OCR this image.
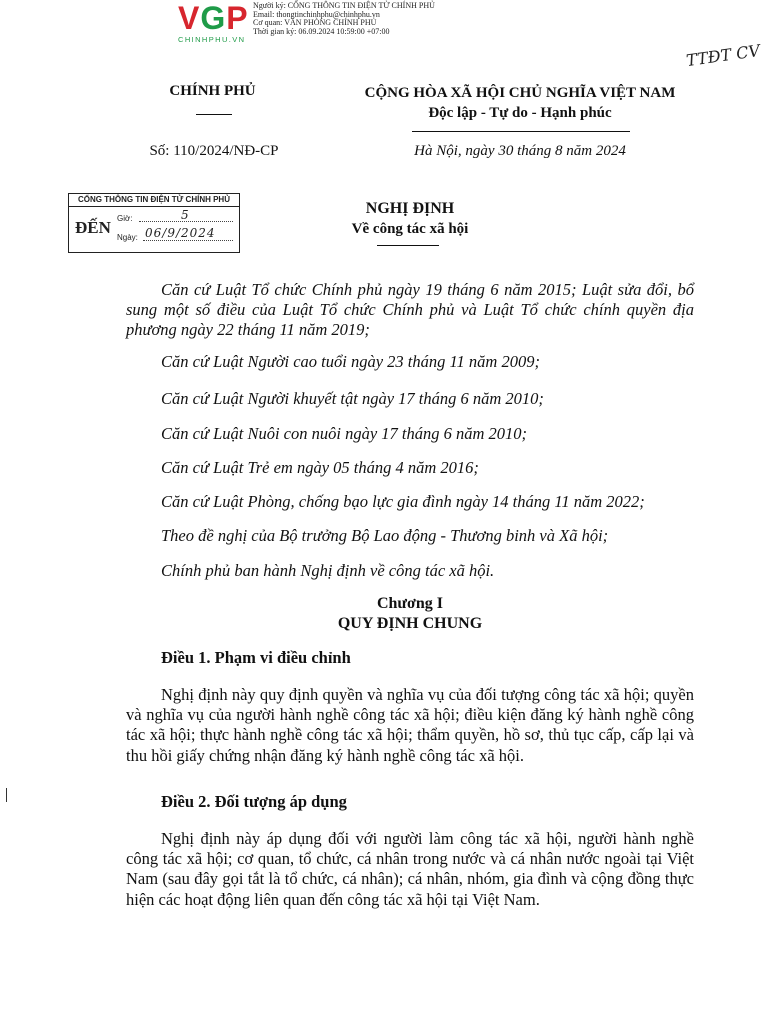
VGP
CHINHPHU.VN
Người ký: CỔNG THÔNG TIN ĐIỆN TỬ CHÍNH PHỦ
Email: thongtinchinhphu@chinhphu.vn
Cơ quan: VĂN PHÒNG CHÍNH PHỦ
Thời gian ký: 06.09.2024 10:59:00 +07:00
TTĐT CV
CHÍNH PHỦ	CỘNG HÒA XÃ HỘI CHỦ NGHĨA VIỆT NAM
Độc lập - Tự do - Hạnh phúc
Số: 110/2024/NĐ-CP	Hà Nội, ngày 30 tháng 8 năm 2024
CỔNG THÔNG TIN ĐIỆN TỬ CHÍNH PHỦ
ĐẾN Giờ:	5
Ngày: 06/9/2024
NGHỊ ĐỊNH
Về công tác xã hội
Căn cứ Luật Tổ chức Chính phủ ngày 19 tháng 6 năm 2015; Luật sửa đổi, bổ sung một số điều của Luật Tổ chức Chính phủ và Luật Tổ chức chính quyền địa phương ngày 22 tháng 11 năm 2019;
Căn cứ Luật Người cao tuổi ngày 23 tháng 11 năm 2009;
Căn cứ Luật Người khuyết tật ngày 17 tháng 6 năm 2010;
Căn cứ Luật Nuôi con nuôi ngày 17 tháng 6 năm 2010;
Căn cứ Luật Trẻ em ngày 05 tháng 4 năm 2016;
Căn cứ Luật Phòng, chống bạo lực gia đình ngày 14 tháng 11 năm 2022;
Theo đề nghị của Bộ trưởng Bộ Lao động - Thương binh và Xã hội;
Chính phủ ban hành Nghị định về công tác xã hội.
Chương I
QUY ĐỊNH CHUNG
Điều 1. Phạm vi điều chỉnh
Nghị định này quy định quyền và nghĩa vụ của đối tượng công tác xã hội; quyền và nghĩa vụ của người hành nghề công tác xã hội; điều kiện đăng ký hành nghề công tác xã hội; thực hành nghề công tác xã hội; thẩm quyền, hồ sơ, thủ tục cấp, cấp lại và thu hồi giấy chứng nhận đăng ký hành nghề công tác xã hội.
Điều 2. Đối tượng áp dụng
Nghị định này áp dụng đối với người làm công tác xã hội, người hành nghề công tác xã hội; cơ quan, tổ chức, cá nhân trong nước và cá nhân nước ngoài tại Việt Nam (sau đây gọi tắt là tổ chức, cá nhân); cá nhân, nhóm, gia đình và cộng đồng thực hiện các hoạt động liên quan đến công tác xã hội tại Việt Nam.
